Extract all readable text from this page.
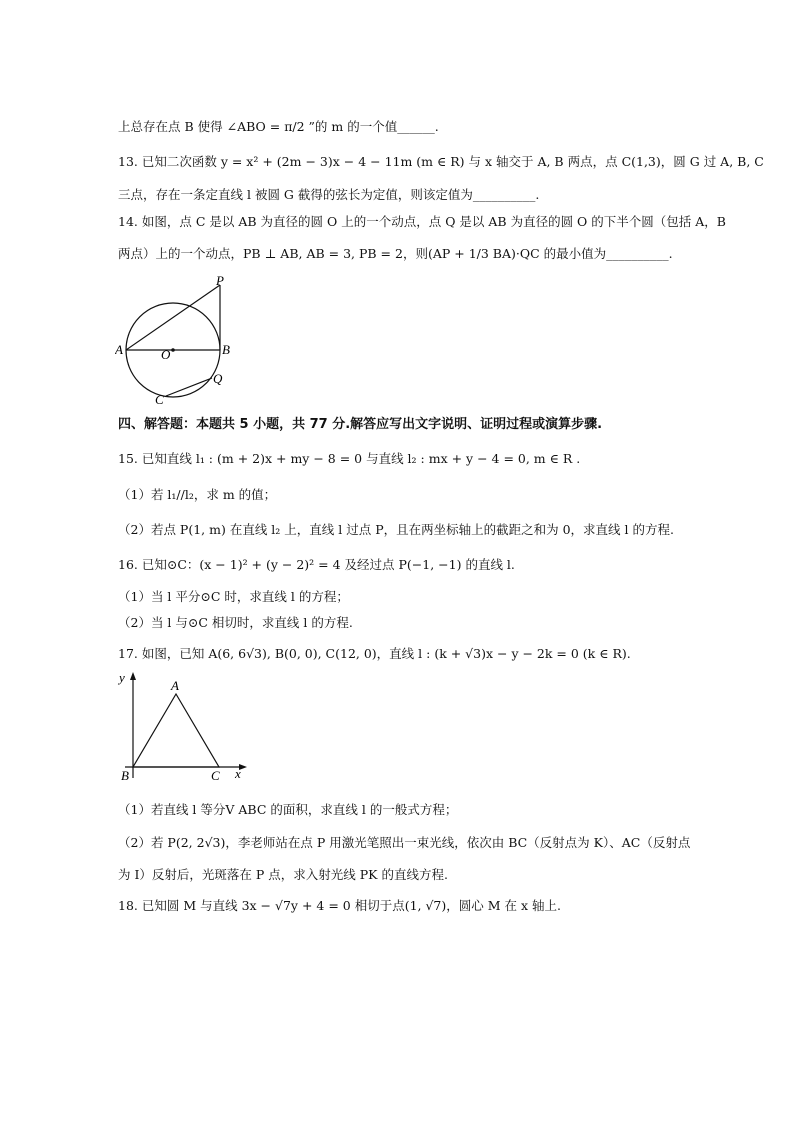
上总存在点 B 使得 ∠ABO = π/2 ”的 m 的一个值______.
13. 已知二次函数 y = x² + (2m − 3)x − 4 − 11m (m ∈ R) 与 x 轴交于 A, B 两点，点 C(1,3)，圆 G 过 A, B, C
三点，存在一条定直线 l 被圆 G 截得的弦长为定值，则该定值为__________.
14. 如图，点 C 是以 AB 为直径的圆 O 上的一个动点，点 Q 是以 AB 为直径的圆 O 的下半个圆（包括 A，B
两点）上的一个动点，PB ⊥ AB, AB = 3, PB = 2，则(AP + 1/3 BA)·QC 的最小值为__________.
P
A	O	B
Q
C
四、解答题：本题共 5 小题，共 77 分.解答应写出文字说明、证明过程或演算步骤.
15. 已知直线 l₁ : (m + 2)x + my − 8 = 0 与直线 l₂ : mx + y − 4 = 0, m ∈ R .
（1）若 l₁//l₂，求 m 的值；
（2）若点 P(1, m) 在直线 l₂ 上，直线 l 过点 P，且在两坐标轴上的截距之和为 0，求直线 l 的方程.
16. 已知⊙C：(x − 1)² + (y − 2)² = 4 及经过点 P(−1, −1) 的直线 l.
（1）当 l 平分⊙C 时，求直线 l 的方程；
（2）当 l 与⊙C 相切时，求直线 l 的方程.
17. 如图，已知 A(6, 6√3), B(0, 0), C(12, 0)，直线 l : (k + √3)x − y − 2k = 0 (k ∈ R).
y
A
B	C x
（1）若直线 l 等分V ABC 的面积，求直线 l 的一般式方程；
（2）若 P(2, 2√3)，李老师站在点 P 用激光笔照出一束光线，依次由 BC（反射点为 K）、AC（反射点
为 I）反射后，光斑落在 P 点，求入射光线 PK 的直线方程.
18. 已知圆 M 与直线 3x − √7y + 4 = 0 相切于点(1, √7)，圆心 M 在 x 轴上.
